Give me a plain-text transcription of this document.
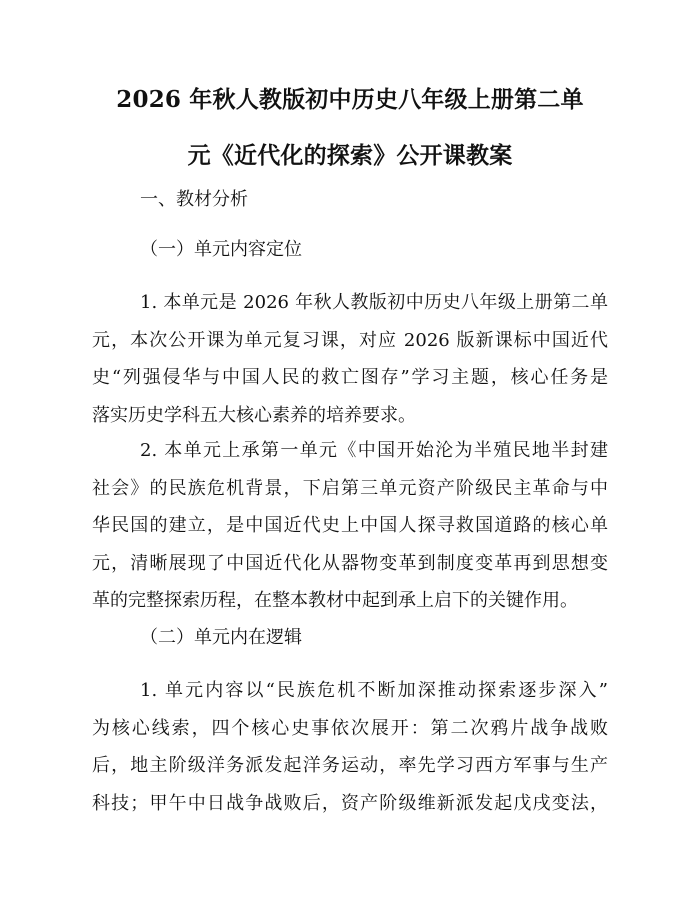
2026 年秋人教版初中历史八年级上册第二单
元《近代化的探索》公开课教案

一、教材分析

（一）单元内容定位

1. 本单元是 2026 年秋人教版初中历史八年级上册第二单
元，本次公开课为单元复习课，对应 2026 版新课标中国近代
史“列强侵华与中国人民的救亡图存”学习主题，核心任务是
落实历史学科五大核心素养的培养要求。
2. 本单元上承第一单元《中国开始沦为半殖民地半封建
社会》的民族危机背景，下启第三单元资产阶级民主革命与中
华民国的建立，是中国近代史上中国人探寻救国道路的核心单
元，清晰展现了中国近代化从器物变革到制度变革再到思想变
革的完整探索历程，在整本教材中起到承上启下的关键作用。

（二）单元内在逻辑

1. 单元内容以“民族危机不断加深推动探索逐步深入”
为核心线索，四个核心史事依次展开：第二次鸦片战争战败
后，地主阶级洋务派发起洋务运动，率先学习西方军事与生产
科技；甲午中日战争战败后，资产阶级维新派发起戊戌变法，
